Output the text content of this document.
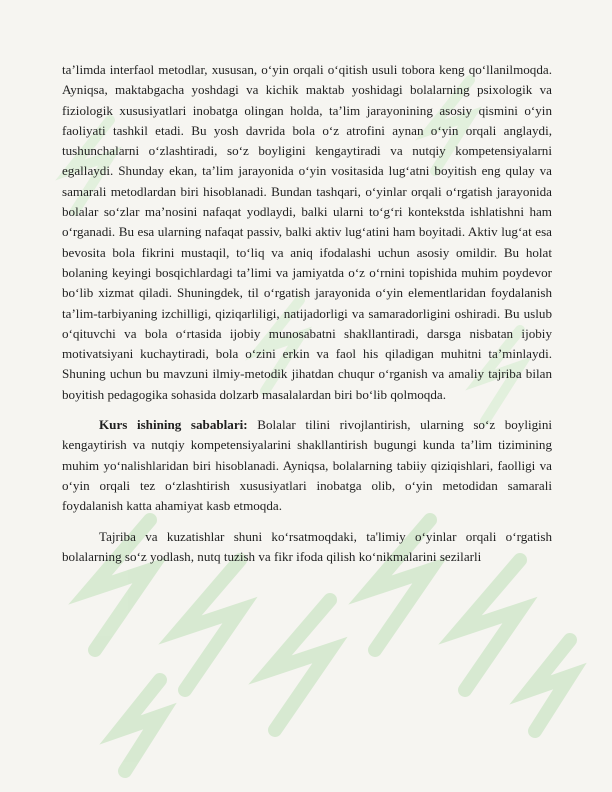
ta’limda interfaol metodlar, xususan, o‘yin orqali o‘qitish usuli tobora keng qo‘llanilmoqda. Ayniqsa, maktabgacha yoshdagi va kichik maktab yoshidagi bolalarning psixologik va fiziologik xususiyatlari inobatga olingan holda, ta’lim jarayonining asosiy qismini o‘yin faoliyati tashkil etadi. Bu yosh davrida bola o‘z atrofini aynan o‘yin orqali anglaydi, tushunchalarni o‘zlashtiradi, so‘z boyligini kengaytiradi va nutqiy kompetensiyalarni egallaydi. Shunday ekan, ta’lim jarayonida o‘yin vositasida lug‘atni boyitish eng qulay va samarali metodlardan biri hisoblanadi. Bundan tashqari, o‘yinlar orqali o‘rgatish jarayonida bolalar so‘zlar ma’nosini nafaqat yodlaydi, balki ularni to‘g‘ri kontekstda ishlatishni ham o‘rganadi. Bu esa ularning nafaqat passiv, balki aktiv lug‘atini ham boyitadi. Aktiv lug‘at esa bevosita bola fikrini mustaqil, to‘liq va aniq ifodalashi uchun asosiy omildir. Bu holat bolaning keyingi bosqichlardagi ta’limi va jamiyatda o‘z o‘rnini topishida muhim poydevor bo‘lib xizmat qiladi. Shuningdek, til o‘rgatish jarayonida o‘yin elementlaridan foydalanish ta’lim-tarbiyaning izchilligi, qiziqarliligi, natijadorligi va samaradorligini oshiradi. Bu uslub o‘qituvchi va bola o‘rtasida ijobiy munosabatni shakllantiradi, darsga nisbatan ijobiy motivatsiyani kuchaytiradi, bola o‘zini erkin va faol his qiladigan muhitni ta’minlaydi. Shuning uchun bu mavzuni ilmiy-metodik jihatdan chuqur o‘rganish va amaliy tajriba bilan boyitish pedagogika sohasida dolzarb masalalardan biri bo‘lib qolmoqda.

Kurs ishining sabablari: Bolalar tilini rivojlantirish, ularning so‘z boyligini kengaytirish va nutqiy kompetensiyalarini shakllantirish bugungi kunda ta’lim tizimining muhim yo‘nalishlaridan biri hisoblanadi. Ayniqsa, bolalarning tabiiy qiziqishlari, faolligi va o‘yin orqali tez o‘zlashtirish xususiyatlari inobatga olib, o‘yin metodidan samarali foydalanish katta ahamiyat kasb etmoqda.

Tajriba va kuzatishlar shuni ko‘rsatmoqdaki, ta'limiy o‘yinlar orqali o‘rgatish bolalarning so‘z yodlash, nutq tuzish va fikr ifoda qilish ko‘nikmalarini sezilarli
